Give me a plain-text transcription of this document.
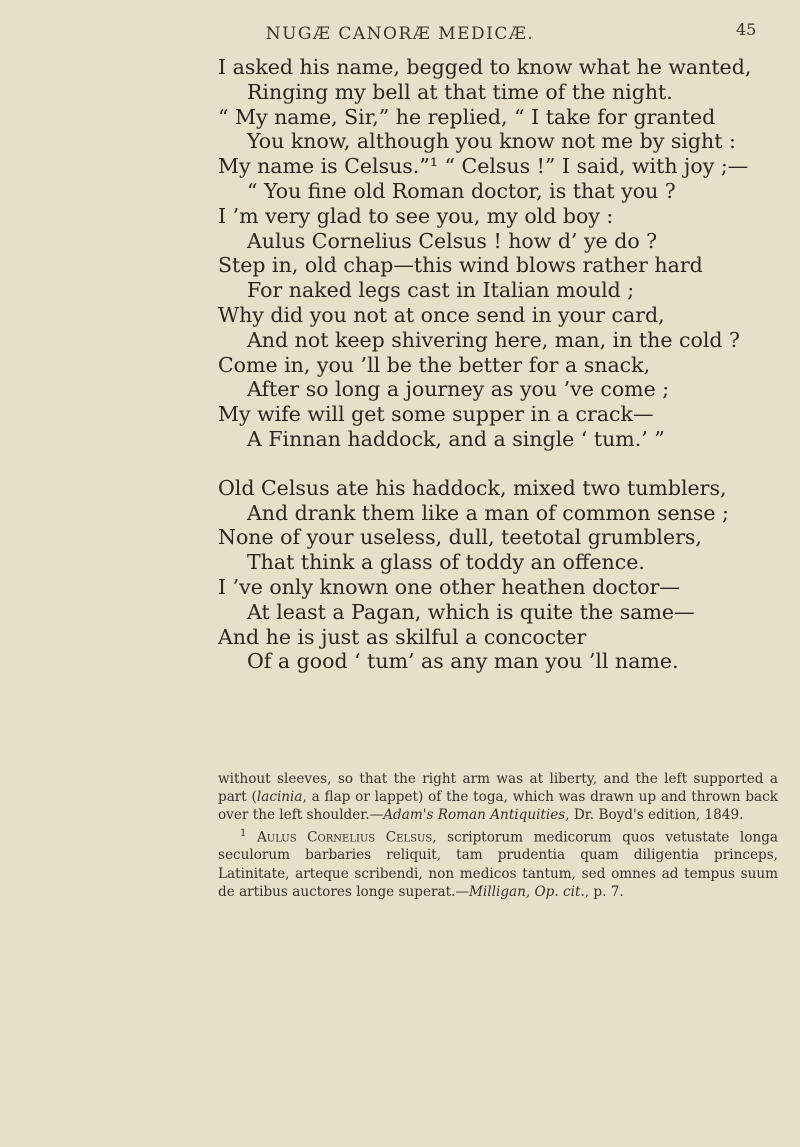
NUGÆ CANORÆ MEDICÆ.	45
I asked his name, begged to know what he wanted,
Ringing my bell at that time of the night.
“ My name, Sir,” he replied, “ I take for granted
You know, although you know not me by sight :
My name is Celsus.”¹ “ Celsus !” I said, with joy ;—
“ You fine old Roman doctor, is that you ?
I ’m very glad to see you, my old boy :
Aulus Cornelius Celsus ! how d’ ye do ?
Step in, old chap—this wind blows rather hard
For naked legs cast in Italian mould ;
Why did you not at once send in your card,
And not keep shivering here, man, in the cold ?
Come in, you ’ll be the better for a snack,
After so long a journey as you ’ve come ;
My wife will get some supper in a crack—
A Finnan haddock, and a single ‘ tum.’ ”
Old Celsus ate his haddock, mixed two tumblers,
And drank them like a man of common sense ;
None of your useless, dull, teetotal grumblers,
That think a glass of toddy an offence.
I ’ve only known one other heathen doctor—
At least a Pagan, which is quite the same—
And he is just as skilful a concocter
Of a good ‘ tum’ as any man you ’ll name.
without sleeves, so that the right arm was at liberty, and the left supported a part (lacinia, a flap or lappet) of the toga, which was drawn up and thrown back over the left shoulder.—Adam's Roman Antiquities, Dr. Boyd's edition, 1849.
$^1$ Aulus Cornelius Celsus, scriptorum medicorum quos vetustate longa seculorum barbaries reliquit, tam prudentia quam diligentia princeps, Latinitate, arteque scribendi, non medicos tantum, sed omnes ad tempus suum de artibus auctores longe superat.—Milligan, Op. cit., p. 7.
